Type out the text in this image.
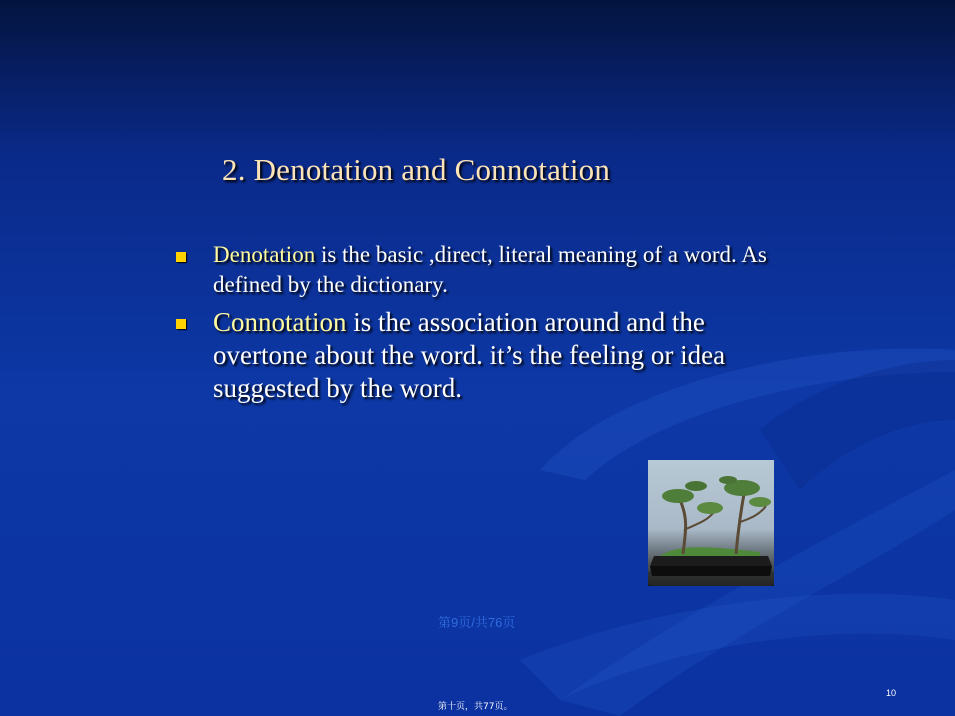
2. Denotation and Connotation
Denotation is the basic ,direct, literal meaning of a word. As defined by the dictionary.
Connotation is the association around and the overtone about the word. it’s the feeling or idea suggested by the word.
第9页/共76页
10
第十页，共77页。
